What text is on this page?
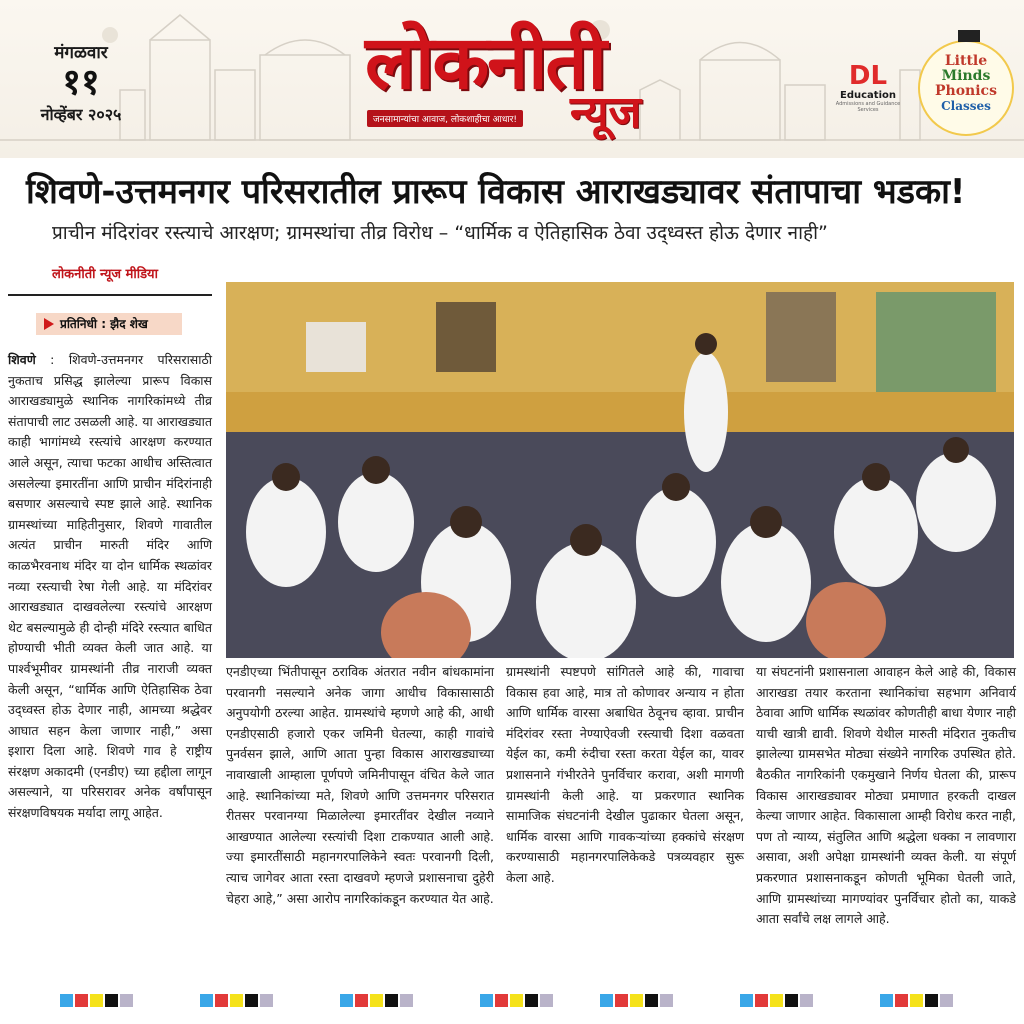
मंगळवार
११
नोव्हेंबर २०२५
लोकनीती
न्यूज
जनसामान्यांचा आवाज, लोकशाहीचा आधार!
DL
Education
Admissions and Guidance Services
Little
Minds
Phonics
Classes
शिवणे-उत्तमनगर परिसरातील प्रारूप विकास आराखड्यावर संतापाचा भडका!
प्राचीन मंदिरांवर रस्त्याचे आरक्षण; ग्रामस्थांचा तीव्र विरोध – “धार्मिक व ऐतिहासिक ठेवा उद्ध्वस्त होऊ देणार नाही”
लोकनीती न्यूज मीडिया
प्रतिनिधी : झैद शेख
शिवणे : शिवणे-उत्तमनगर परिसरासाठी नुकताच प्रसिद्ध झालेल्या प्रारूप विकास आराखड्यामुळे स्थानिक नागरिकांमध्ये तीव्र संतापाची लाट उसळली आहे. या आराखड्यात काही भागांमध्ये रस्त्यांचे आरक्षण करण्यात आले असून, त्याचा फटका आधीच अस्तित्वात असलेल्या इमारतींना आणि प्राचीन मंदिरांनाही बसणार असल्याचे स्पष्ट झाले आहे. स्थानिक ग्रामस्थांच्या माहितीनुसार, शिवणे गावातील अत्यंत प्राचीन मारुती मंदिर आणि काळभैरवनाथ मंदिर या दोन धार्मिक स्थळांवर नव्या रस्त्याची रेषा गेली आहे. या मंदिरांवर आराखड्यात दाखवलेल्या रस्त्यांचे आरक्षण थेट बसल्यामुळे ही दोन्ही मंदिरे रस्त्यात बाधित होण्याची भीती व्यक्त केली जात आहे. या पार्श्वभूमीवर ग्रामस्थांनी तीव्र नाराजी व्यक्त केली असून, “धार्मिक आणि ऐतिहासिक ठेवा उद्ध्वस्त होऊ देणार नाही, आमच्या श्रद्धेवर आघात सहन केला जाणार नाही,” असा इशारा दिला आहे. शिवणे गाव हे राष्ट्रीय संरक्षण अकादमी (एनडीए) च्या हद्दीला लागून असल्याने, या परिसरावर अनेक वर्षांपासून संरक्षणविषयक मर्यादा लागू आहेत.
एनडीएच्या भिंतीपासून ठराविक अंतरात नवीन बांधकामांना परवानगी नसल्याने अनेक जागा आधीच विकासासाठी अनुपयोगी ठरल्या आहेत. ग्रामस्थांचे म्हणणे आहे की, आधी एनडीएसाठी हजारो एकर जमिनी घेतल्या, काही गावांचे पुनर्वसन झाले, आणि आता पुन्हा विकास आराखड्याच्या नावाखाली आम्हाला पूर्णपणे जमिनीपासून वंचित केले जात आहे. स्थानिकांच्या मते, शिवणे आणि उत्तमनगर परिसरात रीतसर परवानग्या मिळालेल्या इमारतींवर देखील नव्याने आखण्यात आलेल्या रस्त्यांची दिशा टाकण्यात आली आहे. ज्या इमारतींसाठी महानगरपालिकेने स्वतः परवानगी दिली, त्याच जागेवर आता रस्ता दाखवणे म्हणजे प्रशासनाचा दुहेरी चेहरा आहे,” असा आरोप नागरिकांकडून करण्यात येत आहे.
ग्रामस्थांनी स्पष्टपणे सांगितले आहे की, गावाचा विकास हवा आहे, मात्र तो कोणावर अन्याय न होता आणि धार्मिक वारसा अबाधित ठेवूनच व्हावा. प्राचीन मंदिरांवर रस्ता नेण्याऐवजी रस्त्याची दिशा वळवता येईल का, कमी रुंदीचा रस्ता करता येईल का, यावर प्रशासनाने गंभीरतेने पुनर्विचार करावा, अशी मागणी ग्रामस्थांनी केली आहे. या प्रकरणात स्थानिक सामाजिक संघटनांनी देखील पुढाकार घेतला असून, धार्मिक वारसा आणि गावकऱ्यांच्या हक्कांचे संरक्षण करण्यासाठी महानगरपालिकेकडे पत्रव्यवहार सुरू केला आहे.
या संघटनांनी प्रशासनाला आवाहन केले आहे की, विकास आराखडा तयार करताना स्थानिकांचा सहभाग अनिवार्य ठेवावा आणि धार्मिक स्थळांवर कोणतीही बाधा येणार नाही याची खात्री द्यावी. शिवणे येथील मारुती मंदिरात नुकतीच झालेल्या ग्रामसभेत मोठ्या संख्येने नागरिक उपस्थित होते. बैठकीत नागरिकांनी एकमुखाने निर्णय घेतला की, प्रारूप विकास आराखड्यावर मोठ्या प्रमाणात हरकती दाखल केल्या जाणार आहेत. विकासाला आम्ही विरोध करत नाही, पण तो न्याय्य, संतुलित आणि श्रद्धेला धक्का न लावणारा असावा, अशी अपेक्षा ग्रामस्थांनी व्यक्त केली. या संपूर्ण प्रकरणात प्रशासनाकडून कोणती भूमिका घेतली जाते, आणि ग्रामस्थांच्या मागण्यांवर पुनर्विचार होतो का, याकडे आता सर्वांचे लक्ष लागले आहे.
